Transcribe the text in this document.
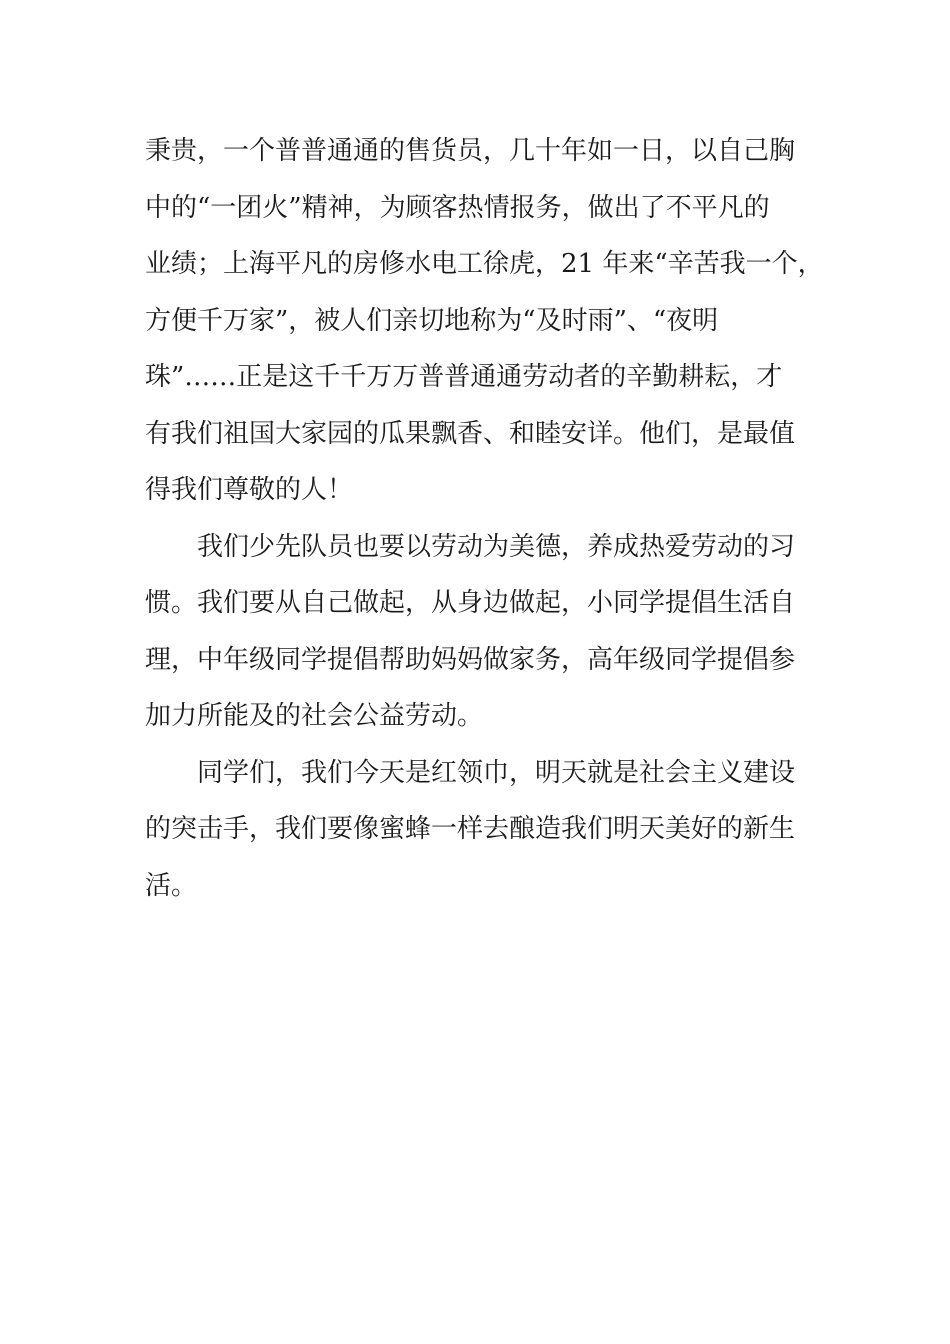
秉贵，一个普普通通的售货员，几十年如一日，以自己胸
中的“一团火”精神，为顾客热情报务，做出了不平凡的
业绩；上海平凡的房修水电工徐虎，21 年来“辛苦我一个，
方便千万家”，被人们亲切地称为“及时雨”、“夜明
珠”……正是这千千万万普普通通劳动者的辛勤耕耘，才
有我们祖国大家园的瓜果飘香、和睦安详。他们，是最值
得我们尊敬的人！
我们少先队员也要以劳动为美德，养成热爱劳动的习
惯。我们要从自己做起，从身边做起，小同学提倡生活自
理，中年级同学提倡帮助妈妈做家务，高年级同学提倡参
加力所能及的社会公益劳动。
同学们，我们今天是红领巾，明天就是社会主义建设
的突击手，我们要像蜜蜂一样去酿造我们明天美好的新生
活。
